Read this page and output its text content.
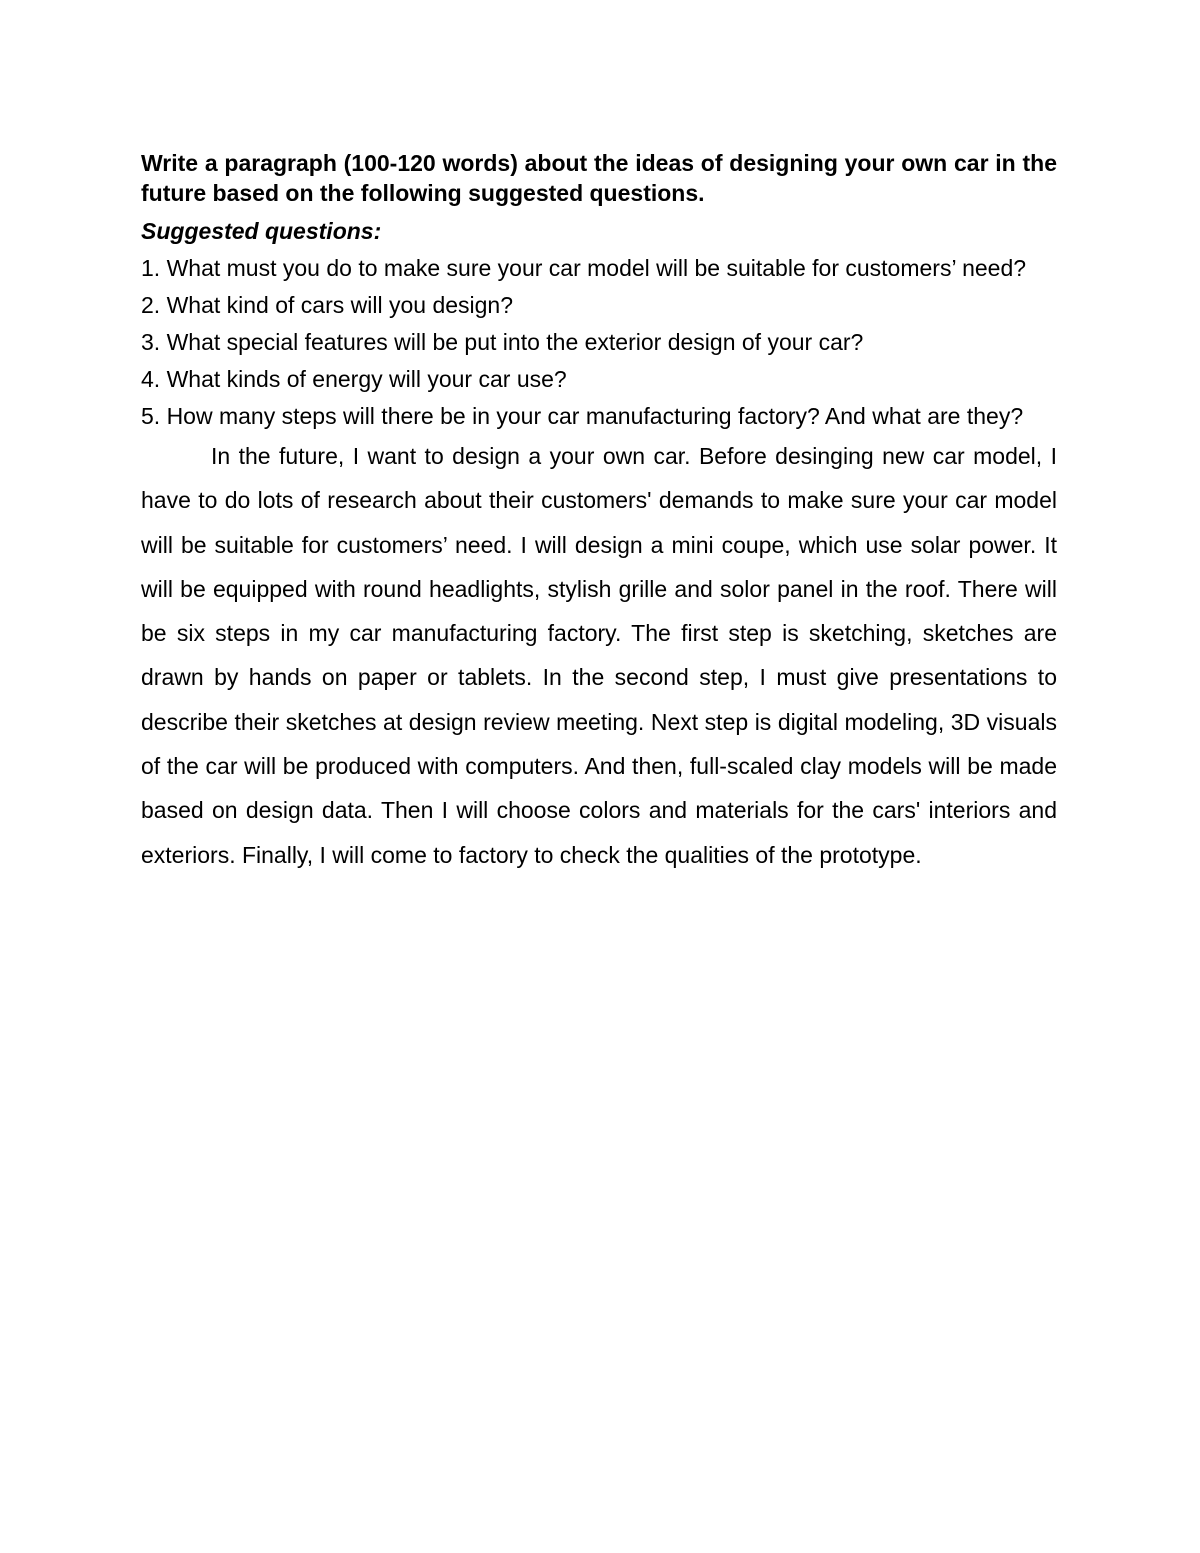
Write a paragraph (100-120 words) about the ideas of designing your own car in the future based on the following suggested questions.

Suggested questions:

1. What must you do to make sure your car model will be suitable for customers’ need?
2. What kind of cars will you design?
3. What special features will be put into the exterior design of your car?
4. What kinds of energy will your car use?
5. How many steps will there be in your car manufacturing factory? And what are they?

In the future, I want to design a your own car. Before desinging new car model, I have to do lots of research about their customers' demands to make sure your car model will be suitable for customers’ need. I will design a mini coupe, which use solar power. It will be equipped with round headlights, stylish grille and solor panel in the roof. There will be six steps in my car manufacturing factory. The first step is sketching, sketches are drawn by hands on paper or tablets. In the second step, I must give presentations to describe their sketches at design review meeting. Next step is digital modeling, 3D visuals of the car will be produced with computers. And then, full-scaled clay models will be made based on design data. Then I will choose colors and materials for the cars' interiors and exteriors. Finally, I will come to factory to check the qualities of the prototype.
